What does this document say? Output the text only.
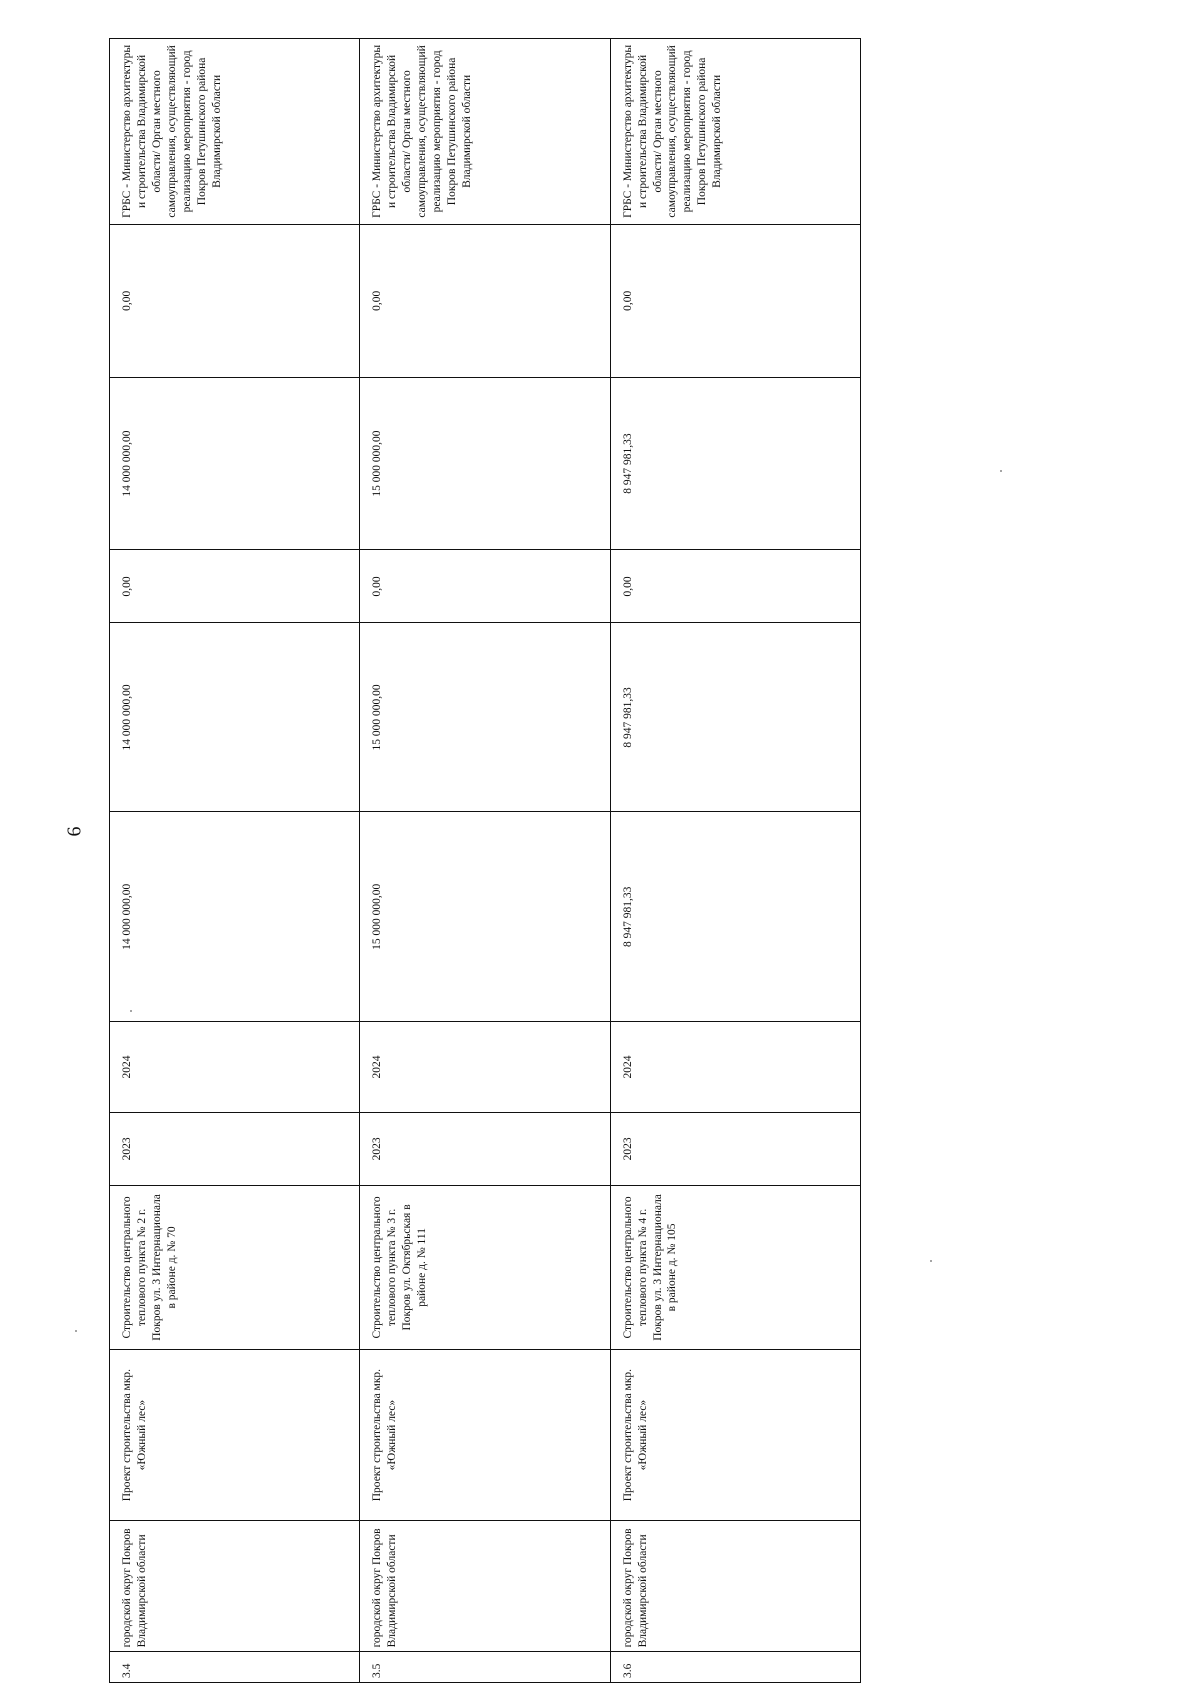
6
3.4	городской округ Покров Владимирской области	Проект строительства мкр. «Южный лес»	Строительство центрального теплового пункта № 2 г. Покров ул. 3 Интернационала в районе д. № 70	2023	2024	14 000 000,00	14 000 000,00	0,00	14 000 000,00	0,00	ГРБС - Министерство архитектуры и строительства Владимирской области/ Орган местного самоуправления, осуществляющий реализацию мероприятия - город Покров Петушинского района Владимирской области
3.5	городской округ Покров Владимирской области	Проект строительства мкр. «Южный лес»	Строительство центрального теплового пункта № 3 г. Покров ул. Октябрьская в районе д. № 111	2023	2024	15 000 000,00	15 000 000,00	0,00	15 000 000,00	0,00	ГРБС - Министерство архитектуры и строительства Владимирской области/ Орган местного самоуправления, осуществляющий реализацию мероприятия - город Покров Петушинского района Владимирской области
3.6	городской округ Покров Владимирской области	Проект строительства мкр. «Южный лес»	Строительство центрального теплового пункта № 4 г. Покров ул. 3 Интернационала в районе д. № 105	2023	2024	8 947 981,33	8 947 981,33	0,00	8 947 981,33	0,00	ГРБС - Министерство архитектуры и строительства Владимирской области/ Орган местного самоуправления, осуществляющий реализацию мероприятия - город Покров Петушинского района Владимирской области
